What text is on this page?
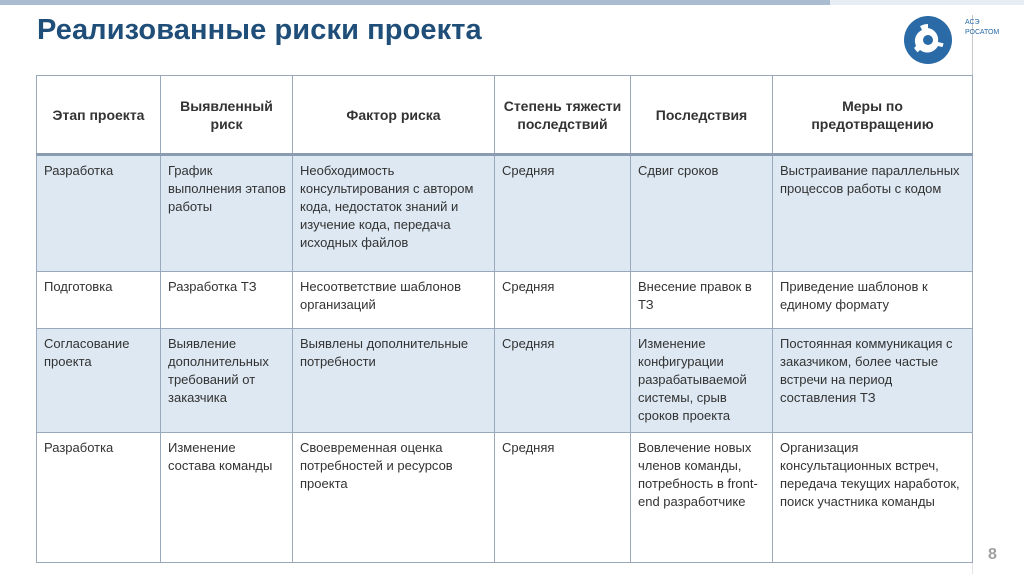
Реализованные риски проекта	АСЭ
РОСАТОМ
Этап проекта	Выявленный риск	Фактор риска	Степень тяжести последствий	Последствия	Меры по предотвращению
Разработка	График выполнения этапов работы	Необходимость консультирования с автором кода, недостаток знаний и изучение кода, передача исходных файлов	Средняя	Сдвиг сроков	Выстраивание параллельных процессов работы с кодом
Подготовка	Разработка ТЗ	Несоответствие шаблонов организаций	Средняя	Внесение правок в ТЗ	Приведение шаблонов к единому формату
Согласование проекта	Выявление дополнительных требований от заказчика	Выявлены дополнительные потребности	Средняя	Изменение конфигурации разрабатываемой системы, срыв сроков проекта	Постоянная коммуникация с заказчиком, более частые встречи на период составления ТЗ
Разработка	Изменение состава команды	Своевременная оценка потребностей и ресурсов проекта	Средняя	Вовлечение новых членов команды, потребность в front-end разработчике	Организация консультационных встреч, передача текущих наработок, поиск участника команды
8
